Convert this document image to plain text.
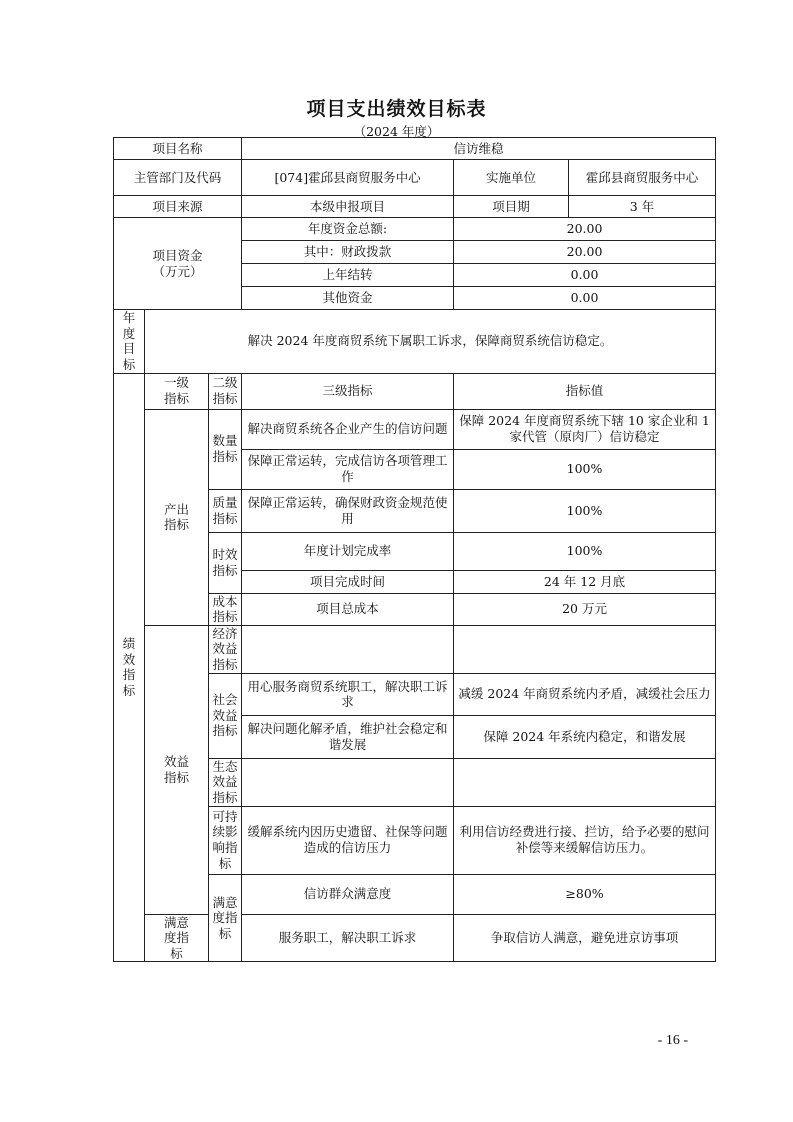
项目支出绩效目标表
（2024 年度）
项目名称			信访维稳		
主管部门及代码			[074]霍邱县商贸服务中心	实施单位	霍邱县商贸服务中心
项目来源			本级申报项目	项目期	3 年

项目资金（万元）			年度资金总额:	20.00	
			其中：财政拨款	20.00	
			上年结转	0.00	
			其他资金	0.00	

年度目标	解决 2024 年度商贸系统下属职工诉求，保障商贸系统信访稳定。				

绩效指标	一级指标	二级指标	三级指标	指标值	

	产出指标	数量指标	解决商贸系统各企业产生的信访问题	保障 2024 年度商贸系统下辖 10 家企业和 1 家代管（原肉厂）信访稳定	
			保障正常运转，完成信访各项管理工作	100%	

		质量指标	保障正常运转，确保财政资金规范使用	100%	

		时效指标	年度计划完成率	100%	
			项目完成时间	24 年 12 月底	

		成本指标	项目总成本	20 万元	

	效益指标	经济效益指标			

		社会效益指标	用心服务商贸系统职工，解决职工诉求	减缓 2024 年商贸系统内矛盾，减缓社会压力	
			解决问题化解矛盾，维护社会稳定和谐发展	保障 2024 年系统内稳定，和谐发展	

		生态效益指标			

		可持续影响指标	缓解系统内因历史遗留、社保等问题造成的信访压力	利用信访经费进行接、拦访，给予必要的慰问补偿等来缓解信访压力。	

		满意度指标	信访群众满意度	≥80%	

	满意度指标		服务职工，解决职工诉求	争取信访人满意，避免进京访事项	
- 16 -
